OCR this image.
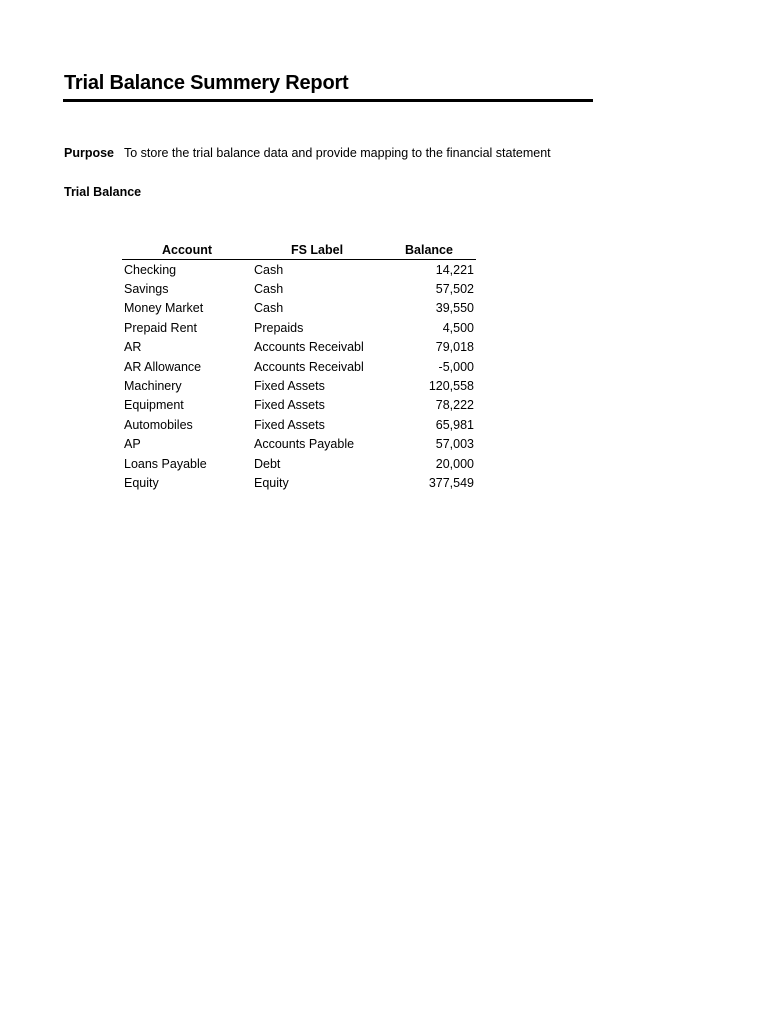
Trial Balance Summery Report
Purpose To store the trial balance data and provide mapping to the financial statement
Trial Balance
Account	FS Label	Balance
Checking	Cash	14,221
Savings	Cash	57,502
Money Market	Cash	39,550
Prepaid Rent	Prepaids	4,500
AR	Accounts Receivabl	79,018
AR Allowance	Accounts Receivabl	-5,000
Machinery	Fixed Assets	120,558
Equipment	Fixed Assets	78,222
Automobiles	Fixed Assets	65,981
AP	Accounts Payable	57,003
Loans Payable	Debt	20,000
Equity	Equity	377,549
